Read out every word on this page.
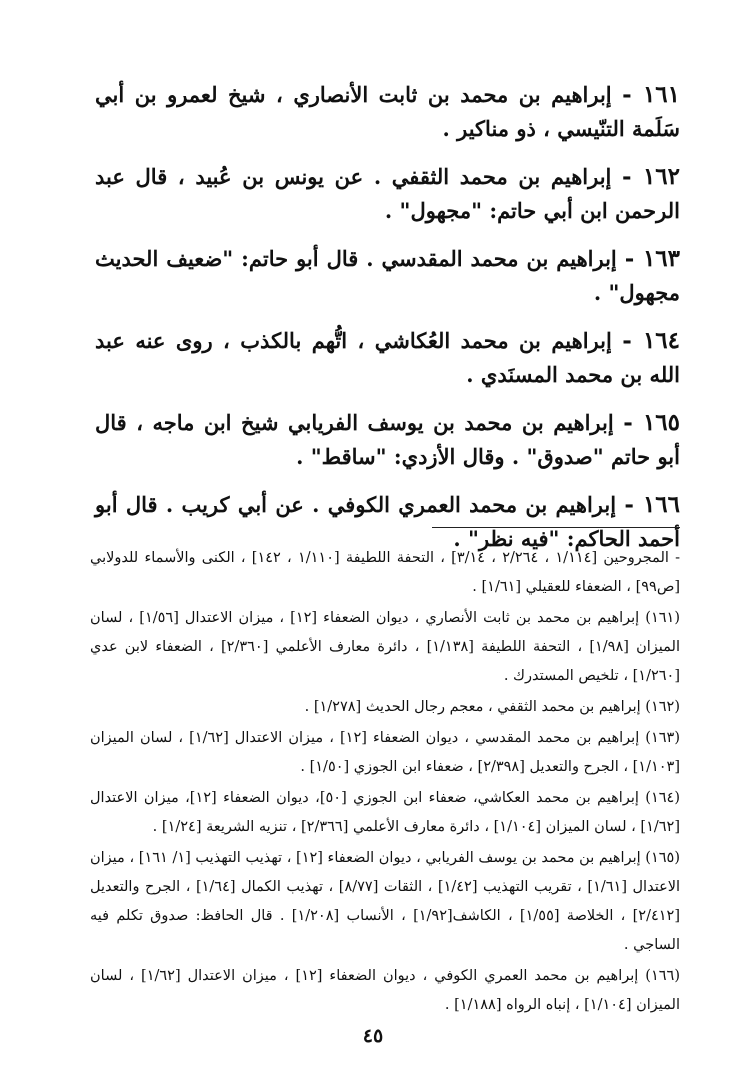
١٦١ - إبراهيم بن محمد بن ثابت الأنصاري ، شيخ لعمرو بن أبي سَلَمة التنّيسي ، ذو مناكير .

١٦٢ - إبراهيم بن محمد الثقفي . عن يونس بن عُبيد ، قال عبد الرحمن ابن أبي حاتم: "مجهول" .

١٦٣ - إبراهيم بن محمد المقدسي . قال أبو حاتم: "ضعيف الحديث مجهول" .

١٦٤ - إبراهيم بن محمد العُكاشي ، اتُّهم بالكذب ، روى عنه عبد الله بن محمد المسنَدي .

١٦٥ - إبراهيم بن محمد بن يوسف الفريابي شيخ ابن ماجه ، قال أبو حاتم "صدوق" . وقال الأزدي: "ساقط" .

١٦٦ - إبراهيم بن محمد العمري الكوفي . عن أبي كريب . قال أبو أحمد الحاكم: "فيه نظر" .

- المجروحين [١/١١٤ ، ٢/٢٦٤ ، ٣/١٤] ، التحفة اللطيفة [١/١١٠ ، ١٤٢] ، الكنى والأسماء للدولابي [ص٩٩] ، الضعفاء للعقيلي [١/٦١] .

(١٦١) إبراهيم بن محمد بن ثابت الأنصاري ، ديوان الضعفاء [١٢] ، ميزان الاعتدال [١/٥٦] ، لسان الميزان [١/٩٨] ، التحفة اللطيفة [١/١٣٨] ، دائرة معارف الأعلمي [٢/٣٦٠] ، الضعفاء لابن عدي [١/٢٦٠] ، تلخيص المستدرك .

(١٦٢) إبراهيم بن محمد الثقفي ، معجم رجال الحديث [١/٢٧٨] .

(١٦٣) إبراهيم بن محمد المقدسي ، ديوان الضعفاء [١٢] ، ميزان الاعتدال [١/٦٢] ، لسان الميزان [١/١٠٣] ، الجرح والتعديل [٢/٣٩٨] ، ضعفاء ابن الجوزي [١/٥٠] .

(١٦٤) إبراهيم بن محمد العكاشي، ضعفاء ابن الجوزي [٥٠]، ديوان الضعفاء [١٢]، ميزان الاعتدال [١/٦٢] ، لسان الميزان [١/١٠٤] ، دائرة معارف الأعلمي [٢/٣٦٦] ، تنزيه الشريعة [١/٢٤] .

(١٦٥) إبراهيم بن محمد بن يوسف الفريابي ، ديوان الضعفاء [١٢] ، تهذيب التهذيب [١/ ١٦١] ، ميزان الاعتدال [١/٦١] ، تقريب التهذيب [١/٤٢] ، الثقات [٨/٧٧] ، تهذيب الكمال [١/٦٤] ، الجرح والتعديل [٢/٤١٢] ، الخلاصة [١/٥٥] ، الكاشف[١/٩٢] ، الأنساب [١/٢٠٨] . قال الحافظ: صدوق تكلم فيه الساجي .

(١٦٦) إبراهيم بن محمد العمري الكوفي ، ديوان الضعفاء [١٢] ، ميزان الاعتدال [١/٦٢] ، لسان الميزان [١/١٠٤] ، إنباه الرواه [١/١٨٨] .

٤٥
